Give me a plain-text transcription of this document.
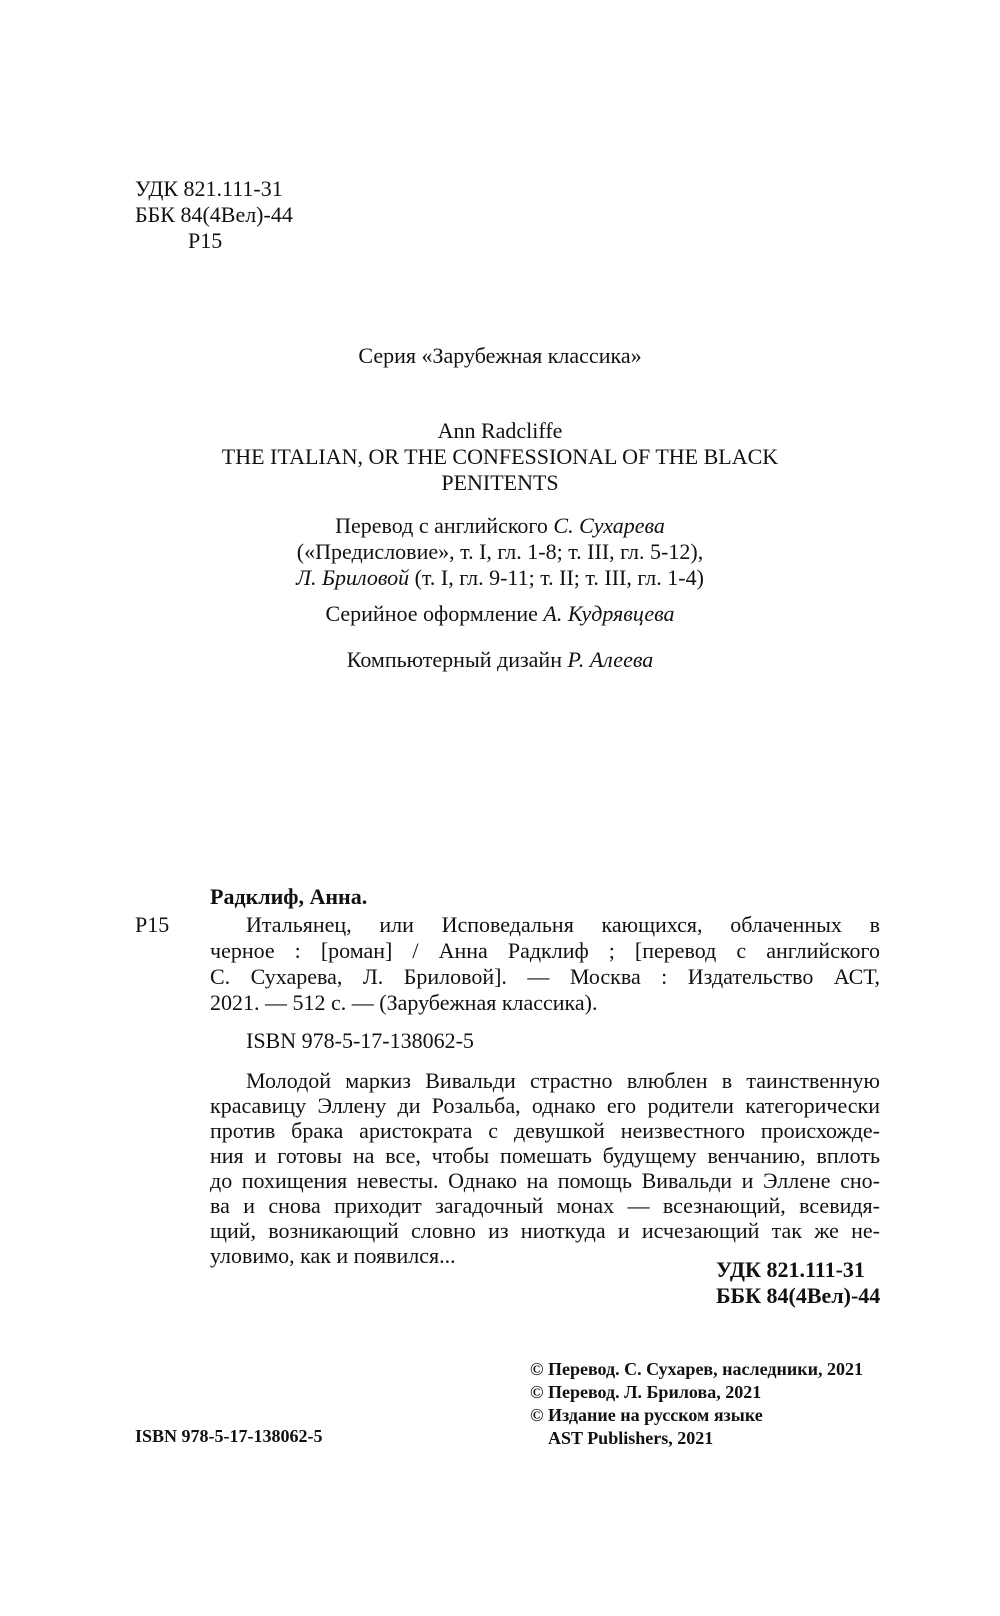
УДК 821.111-31
ББК 84(4Вел)-44
Р15
Серия «Зарубежная классика»
Ann Radcliffe
THE ITALIAN, OR THE CONFESSIONAL OF THE BLACK
PENITENTS
Перевод с английского С. Сухарева
(«Предисловие», т. I, гл. 1-8; т. III, гл. 5-12),
Л. Бриловой (т. I, гл. 9-11; т. II; т. III, гл. 1-4)
Серийное оформление А. Кудрявцева
Компьютерный дизайн Р. Алеева
Радклиф, Анна.
Р15	Итальянец, или Исповедальня кающихся, облаченных в
черное : [роман] / Анна Радклиф ; [перевод с английского
С. Сухарева, Л. Бриловой]. — Москва : Издательство АСТ,
2021. — 512 с. — (Зарубежная классика).
ISBN 978-5-17-138062-5
Молодой маркиз Вивальди страстно влюблен в таинственную
красавицу Эллену ди Розальба, однако его родители категорически
против брака аристократа с девушкой неизвестного происхожде-
ния и готовы на все, чтобы помешать будущему венчанию, вплоть
до похищения невесты. Однако на помощь Вивальди и Эллене сно-
ва и снова приходит загадочный монах — всезнающий, всевидя-
щий, возникающий словно из ниоткуда и исчезающий так же не-
уловимо, как и появился...
УДК 821.111-31
ББК 84(4Вел)-44
© Перевод. С. Сухарев, наследники, 2021
© Перевод. Л. Брилова, 2021
© Издание на русском языке
AST Publishers, 2021
ISBN 978-5-17-138062-5
